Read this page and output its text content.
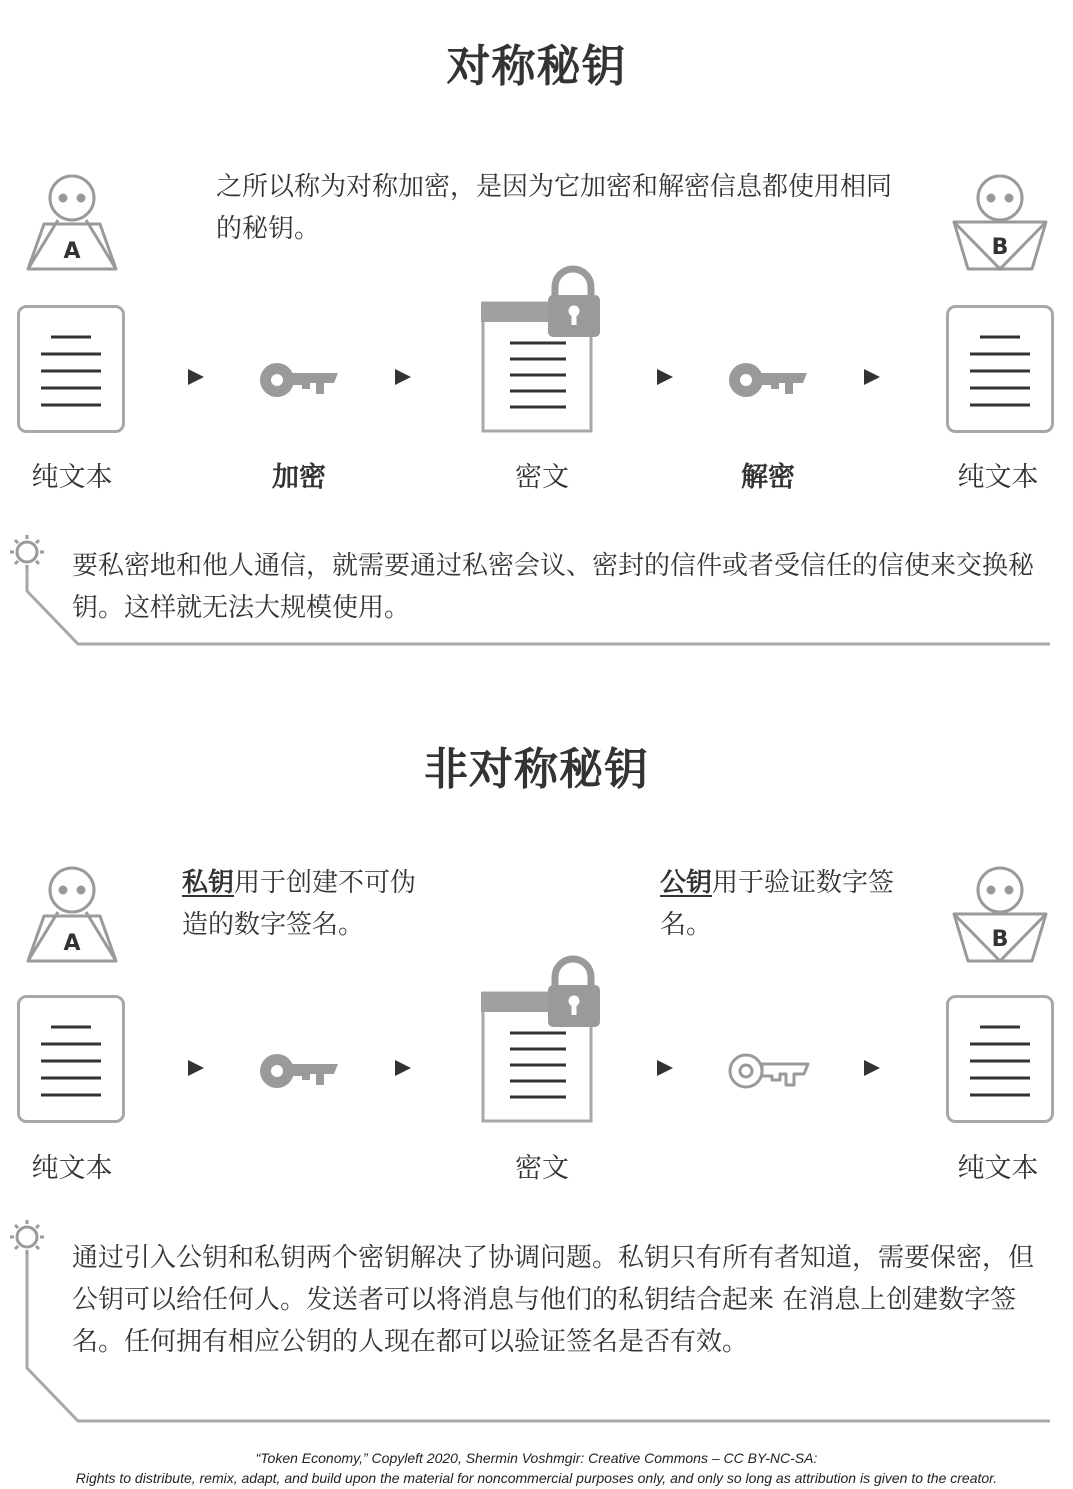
对称秘钥
之所以称为对称加密，是因为它加密和解密信息都使用相同的秘钥。
A	B
纯文本	加密	密文	解密	纯文本
要私密地和他人通信，就需要通过私密会议、密封的信件或者受信任的信使来交换秘钥。这样就无法大规模使用。
非对称秘钥
私钥用于创建不可伪造的数字签名。
公钥用于验证数字签名。
A	B
纯文本	密文	纯文本
通过引入公钥和私钥两个密钥解决了协调问题。私钥只有所有者知道，需要保密，但公钥可以给任何人。发送者可以将消息与他们的私钥结合起来 在消息上创建数字签名。任何拥有相应公钥的人现在都可以验证签名是否有效。
“Token Economy,” Copyleft 2020, Shermin Voshmgir: Creative Commons – CC BY-NC-SA:
Rights to distribute, remix, adapt, and build upon the material for noncommercial purposes only, and only so long as attribution is given to the creator.
